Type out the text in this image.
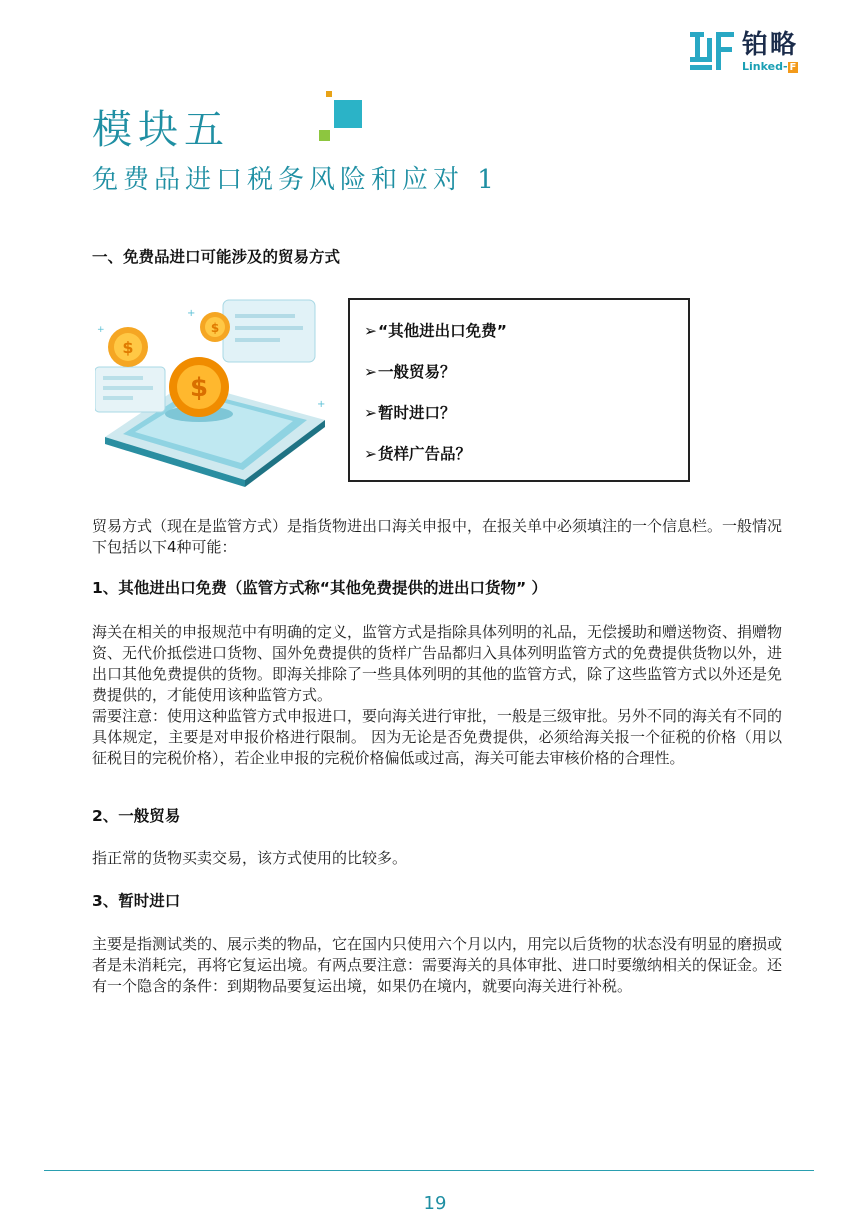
铂略
Linked- F
模块五
免费品进口税务风险和应对 1
一、免费品进口可能涉及的贸易方式
$
$
$
+
+
+	➢“其他进出口免费”
➢一般贸易？
➢暂时进口？
➢货样广告品？
贸易方式（现在是监管方式）是指货物进出口海关申报中，在报关单中必须填注的一个信息栏。一般情况下包括以下4种可能：
1、其他进出口免费（监管方式称“其他免费提供的进出口货物” ）
海关在相关的申报规范中有明确的定义，监管方式是指除具体列明的礼品，无偿援助和赠送物资、捐赠物资、无代价抵偿进口货物、国外免费提供的货样广告品都归入具体列明监管方式的免费提供货物以外，进出口其他免费提供的货物。即海关排除了一些具体列明的其他的监管方式，除了这些监管方式以外还是免费提供的，才能使用该种监管方式。
需要注意：使用这种监管方式申报进口，要向海关进行审批，一般是三级审批。另外不同的海关有不同的具体规定，主要是对申报价格进行限制。 因为无论是否免费提供，必须给海关报一个征税的价格（用以征税目的完税价格），若企业申报的完税价格偏低或过高，海关可能去审核价格的合理性。
2、一般贸易
指正常的货物买卖交易，该方式使用的比较多。
3、暂时进口
主要是指测试类的、展示类的物品，它在国内只使用六个月以内，用完以后货物的状态没有明显的磨损或者是未消耗完，再将它复运出境。有两点要注意：需要海关的具体审批、进口时要缴纳相关的保证金。还有一个隐含的条件：到期物品要复运出境，如果仍在境内，就要向海关进行补税。
19
